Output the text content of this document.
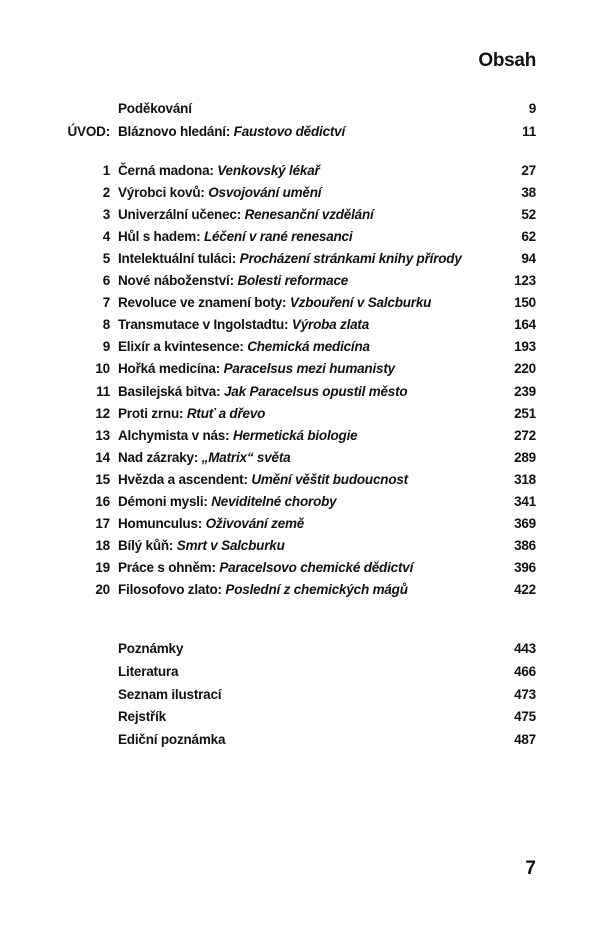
Obsah
Poděkování	9
ÚVOD: Bláznovo hledání: Faustovo dědictví	11
1 Černá madona: Venkovský lékař	27
2 Výrobci kovů: Osvojování umění	38
3 Univerzální učenec: Renesanční vzdělání	52
4 Hůl s hadem: Léčení v rané renesanci	62
5 Intelektuální tuláci: Procházení stránkami knihy přírody	94
6 Nové náboženství: Bolesti reformace	123
7 Revoluce ve znamení boty: Vzbouření v Salcburku	150
8 Transmutace v Ingolstadtu: Výroba zlata	164
9 Elixír a kvintesence: Chemická medicína	193
10 Hořká medicína: Paracelsus mezi humanisty	220
11 Basilejská bitva: Jak Paracelsus opustil město	239
12 Proti zrnu: Rtuť a dřevo	251
13 Alchymista v nás: Hermetická biologie	272
14 Nad zázraky: „Matrix“ světa	289
15 Hvězda a ascendent: Umění věštit budoucnost	318
16 Démoni mysli: Neviditelné choroby	341
17 Homunculus: Oživování země	369
18 Bílý kůň: Smrt v Salcburku	386
19 Práce s ohněm: Paracelsovo chemické dědictví	396
20 Filosofovo zlato: Poslední z chemických mágů	422
Poznámky	443
Literatura	466
Seznam ilustrací	473
Rejstřík	475
Ediční poznámka	487
7
